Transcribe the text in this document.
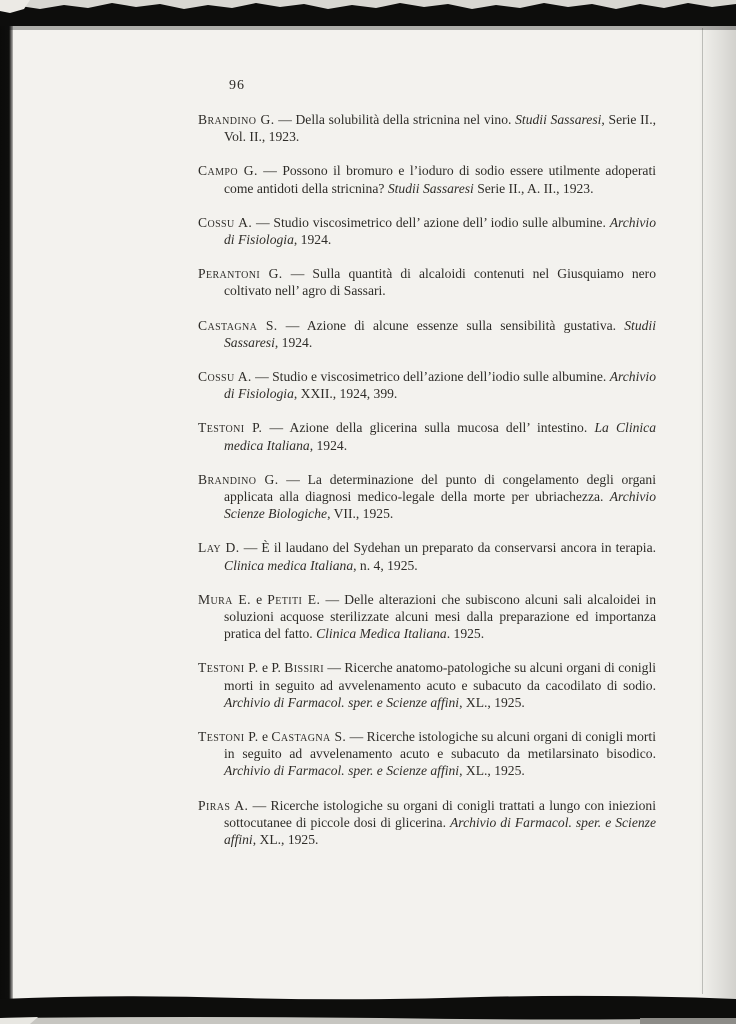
96
Brandino G. — Della solubilità della stricnina nel vino. Studii Sassaresi, Serie II., Vol. II., 1923.
Campo G. — Possono il bromuro e l’ioduro di sodio essere utilmente adoperati come antidoti della stricnina? Studii Sassaresi Serie II., A. II., 1923.
Cossu A. — Studio viscosimetrico dell’ azione dell’ iodio sulle albumine. Archivio di Fisiologia, 1924.
Perantoni G. — Sulla quantità di alcaloidi contenuti nel Giusquiamo nero coltivato nell’ agro di Sassari.
Castagna S. — Azione di alcune essenze sulla sensibilità gustativa. Studii Sassaresi, 1924.
Cossu A. — Studio e viscosimetrico dell’azione dell’iodio sulle albumine. Archivio di Fisiologia, XXII., 1924, 399.
Testoni P. — Azione della glicerina sulla mucosa dell’ intestino. La Clinica medica Italiana, 1924.
Brandino G. — La determinazione del punto di congelamento degli organi applicata alla diagnosi medico-legale della morte per ubriachezza. Archivio Scienze Biologiche, VII., 1925.
Lay D. — È il laudano del Sydehan un preparato da conservarsi ancora in terapia. Clinica medica Italiana, n. 4, 1925.
Mura E. e Petiti E. — Delle alterazioni che subiscono alcuni sali alcaloidei in soluzioni acquose sterilizzate alcuni mesi dalla preparazione ed importanza pratica del fatto. Clinica Medica Italiana. 1925.
Testoni P. e P. Bissiri — Ricerche anatomo-patologiche su alcuni organi di conigli morti in seguito ad avvelenamento acuto e subacuto da cacodilato di sodio. Archivio di Farmacol. sper. e Scienze affini, XL., 1925.
Testoni P. e Castagna S. — Ricerche istologiche su alcuni organi di conigli morti in seguito ad avvelenamento acuto e subacuto da metilarsinato bisodico. Archivio di Farmacol. sper. e Scienze affini, XL., 1925.
Piras A. — Ricerche istologiche su organi di conigli trattati a lungo con iniezioni sottocutanee di piccole dosi di glicerina. Archivio di Farmacol. sper. e Scienze affini, XL., 1925.
